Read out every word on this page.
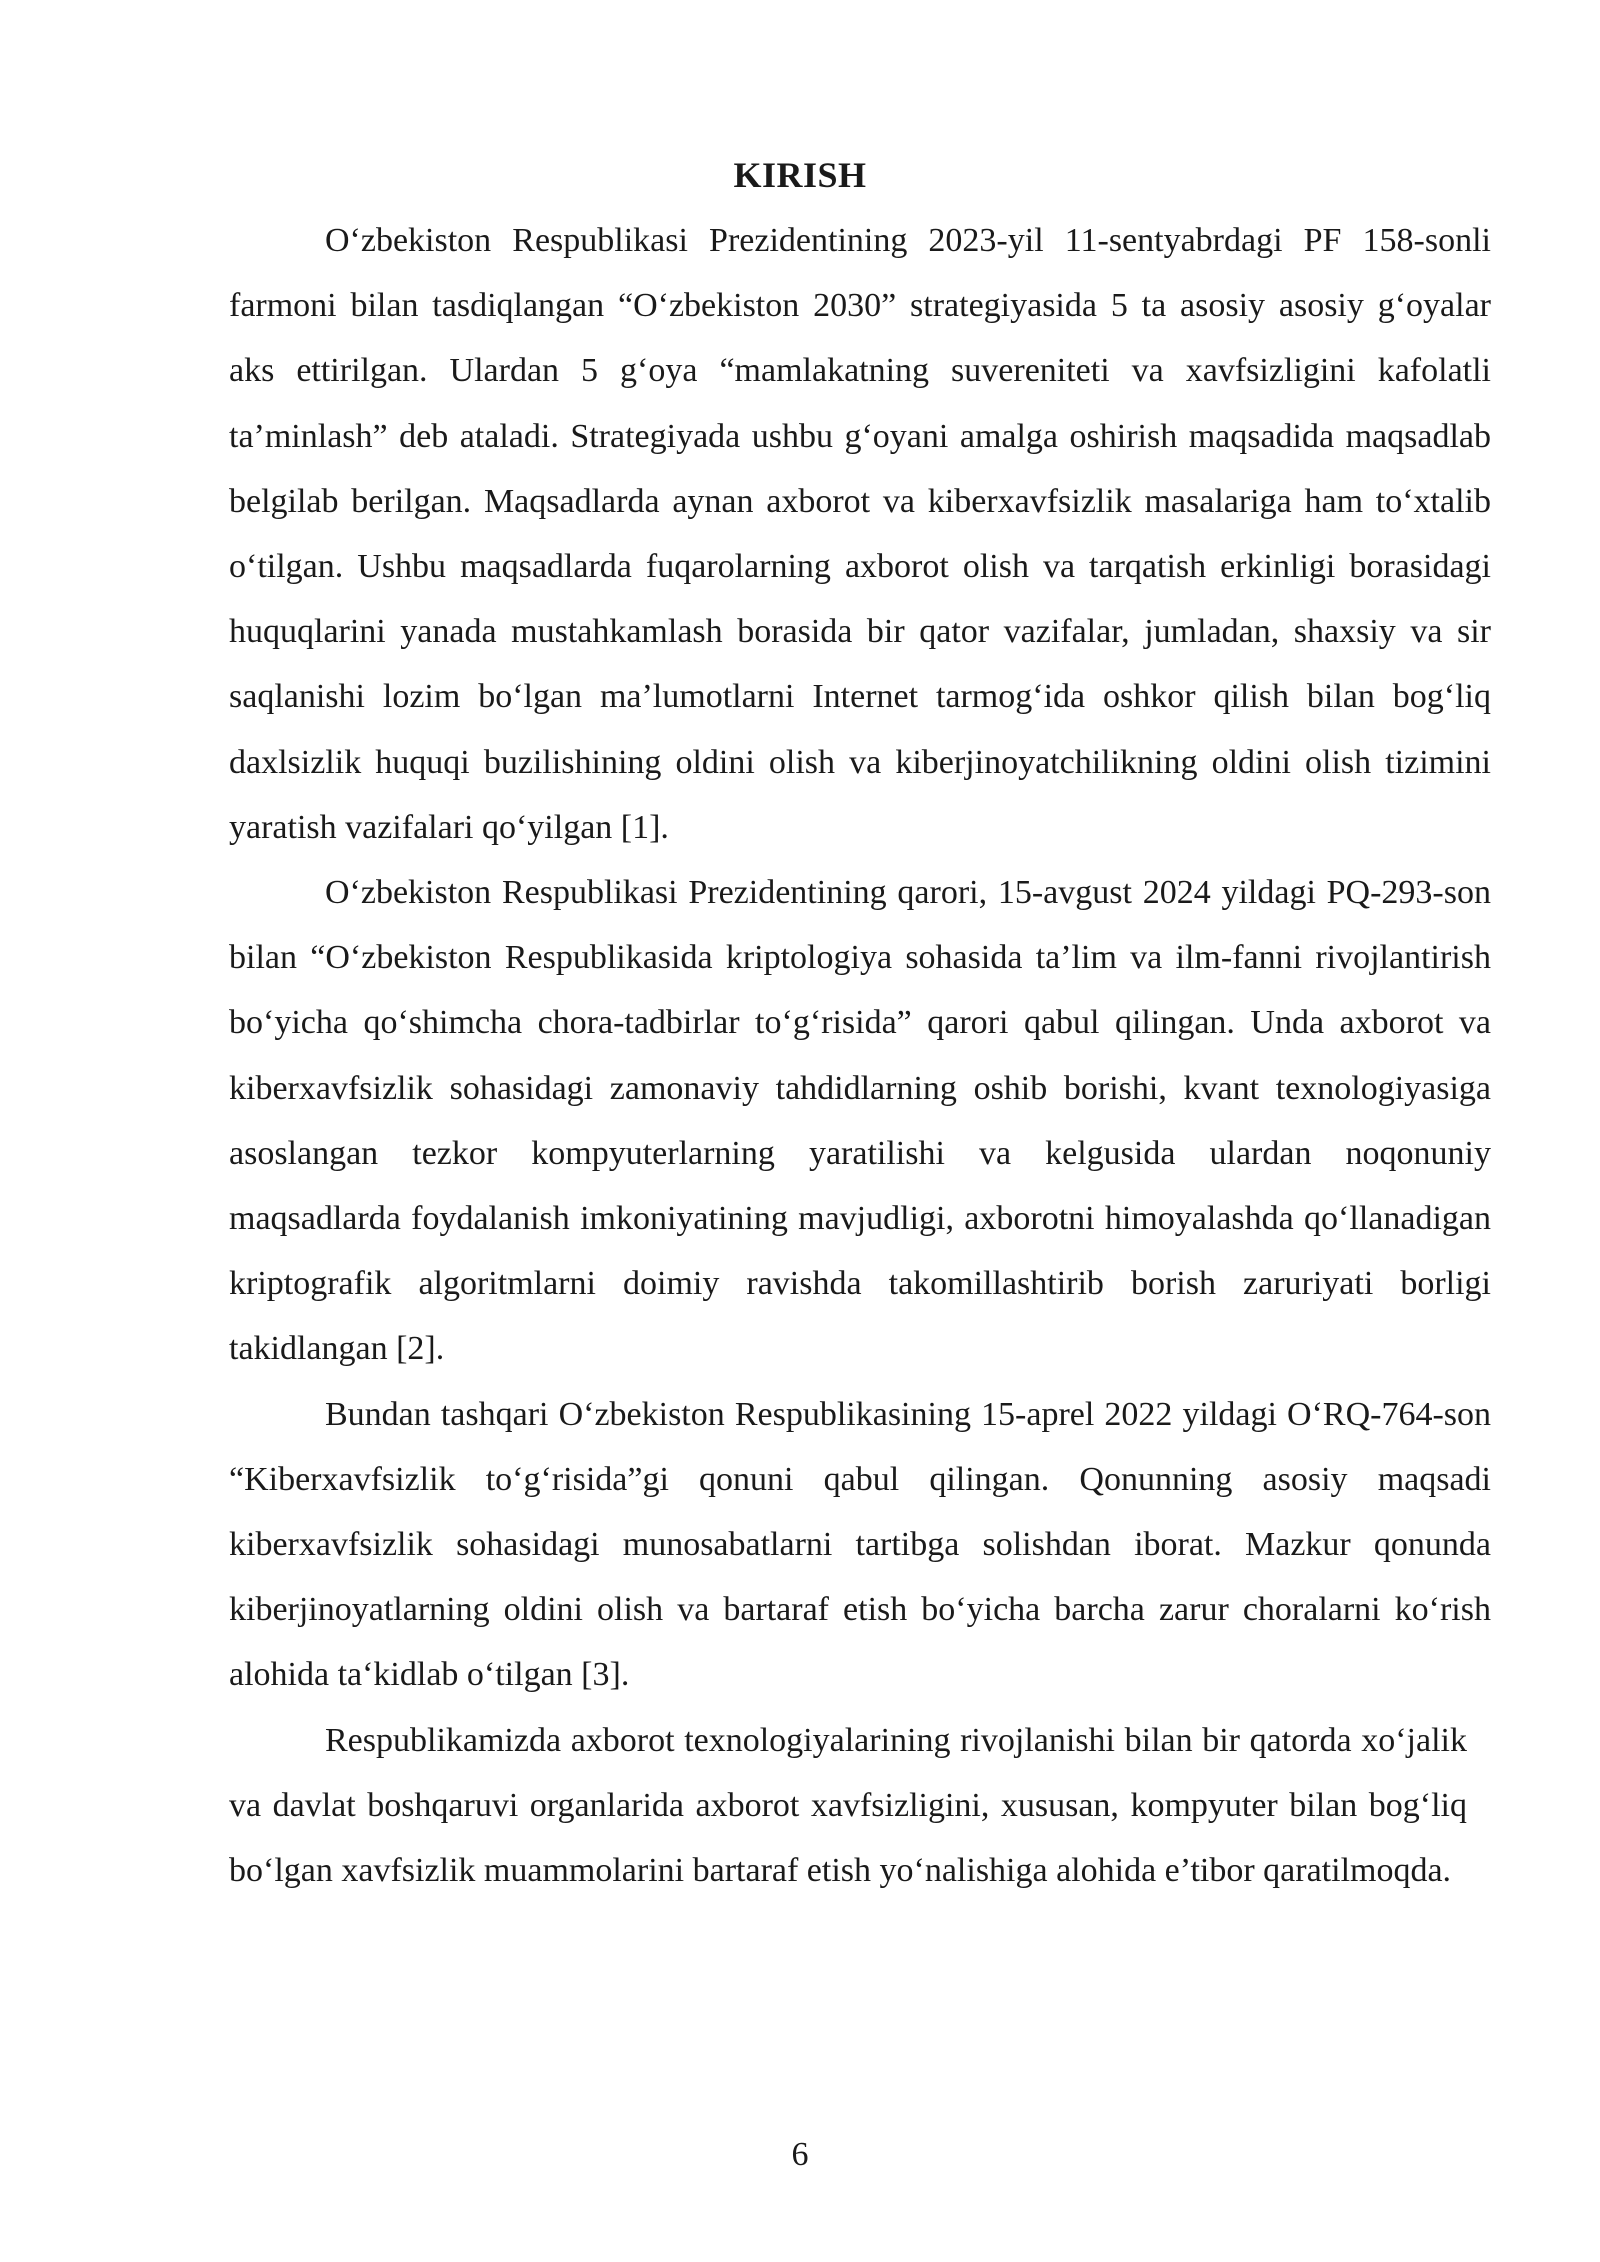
KIRISH

O‘zbekiston Respublikasi Prezidentining 2023-yil 11-sentyabrdagi PF 158-sonli farmoni bilan tasdiqlangan “O‘zbekiston 2030” strategiyasida 5 ta asosiy asosiy g‘oyalar aks ettirilgan. Ulardan 5 g‘oya “mamlakatning suvereniteti va xavfsizligini kafolatli ta’minlash” deb ataladi. Strategiyada ushbu g‘oyani amalga oshirish maqsadida maqsadlab belgilab berilgan. Maqsadlarda aynan axborot va kiberxavfsizlik masalariga ham to‘xtalib o‘tilgan. Ushbu maqsadlarda fuqarolarning axborot olish va tarqatish erkinligi borasidagi huquqlarini yanada mustahkamlash borasida bir qator vazifalar, jumladan, shaxsiy va sir saqlanishi lozim bo‘lgan ma’lumotlarni Internet tarmog‘ida oshkor qilish bilan bog‘liq daxlsizlik huquqi buzilishining oldini olish va kiberjinoyatchilikning oldini olish tizimini yaratish vazifalari qo‘yilgan [1].

O‘zbekiston Respublikasi Prezidentining qarori, 15-avgust 2024 yildagi PQ-293-son bilan “O‘zbekiston Respublikasida kriptologiya sohasida ta’lim va ilm-fanni rivojlantirish bo‘yicha qo‘shimcha chora-tadbirlar to‘g‘risida” qarori qabul qilingan. Unda axborot va kiberxavfsizlik sohasidagi zamonaviy tahdidlarning oshib borishi, kvant texnologiyasiga asoslangan tezkor kompyuterlarning yaratilishi va kelgusida ulardan noqonuniy maqsadlarda foydalanish imkoniyatining mavjudligi, axborotni himoyalashda qo‘llanadigan kriptografik algoritmlarni doimiy ravishda takomillashtirib borish zaruriyati borligi takidlangan [2].

Bundan tashqari O‘zbekiston Respublikasining 15-aprel 2022 yildagi O‘RQ-764-son “Kiberxavfsizlik to‘g‘risida”gi qonuni qabul qilingan. Qonunning asosiy maqsadi kiberxavfsizlik sohasidagi munosabatlarni tartibga solishdan iborat. Mazkur qonunda kiberjinoyatlarning oldini olish va bartaraf etish bo‘yicha barcha zarur choralarni ko‘rish alohida ta‘kidlab o‘tilgan [3].

Respublikamizda axborot texnologiyalarining rivojlanishi bilan bir qatorda xo‘jalik va davlat boshqaruvi organlarida axborot xavfsizligini, xususan, kompyuter bilan bog‘liq bo‘lgan xavfsizlik muammolarini bartaraf etish yo‘nalishiga alohida e’tibor qaratilmoqda.

6
